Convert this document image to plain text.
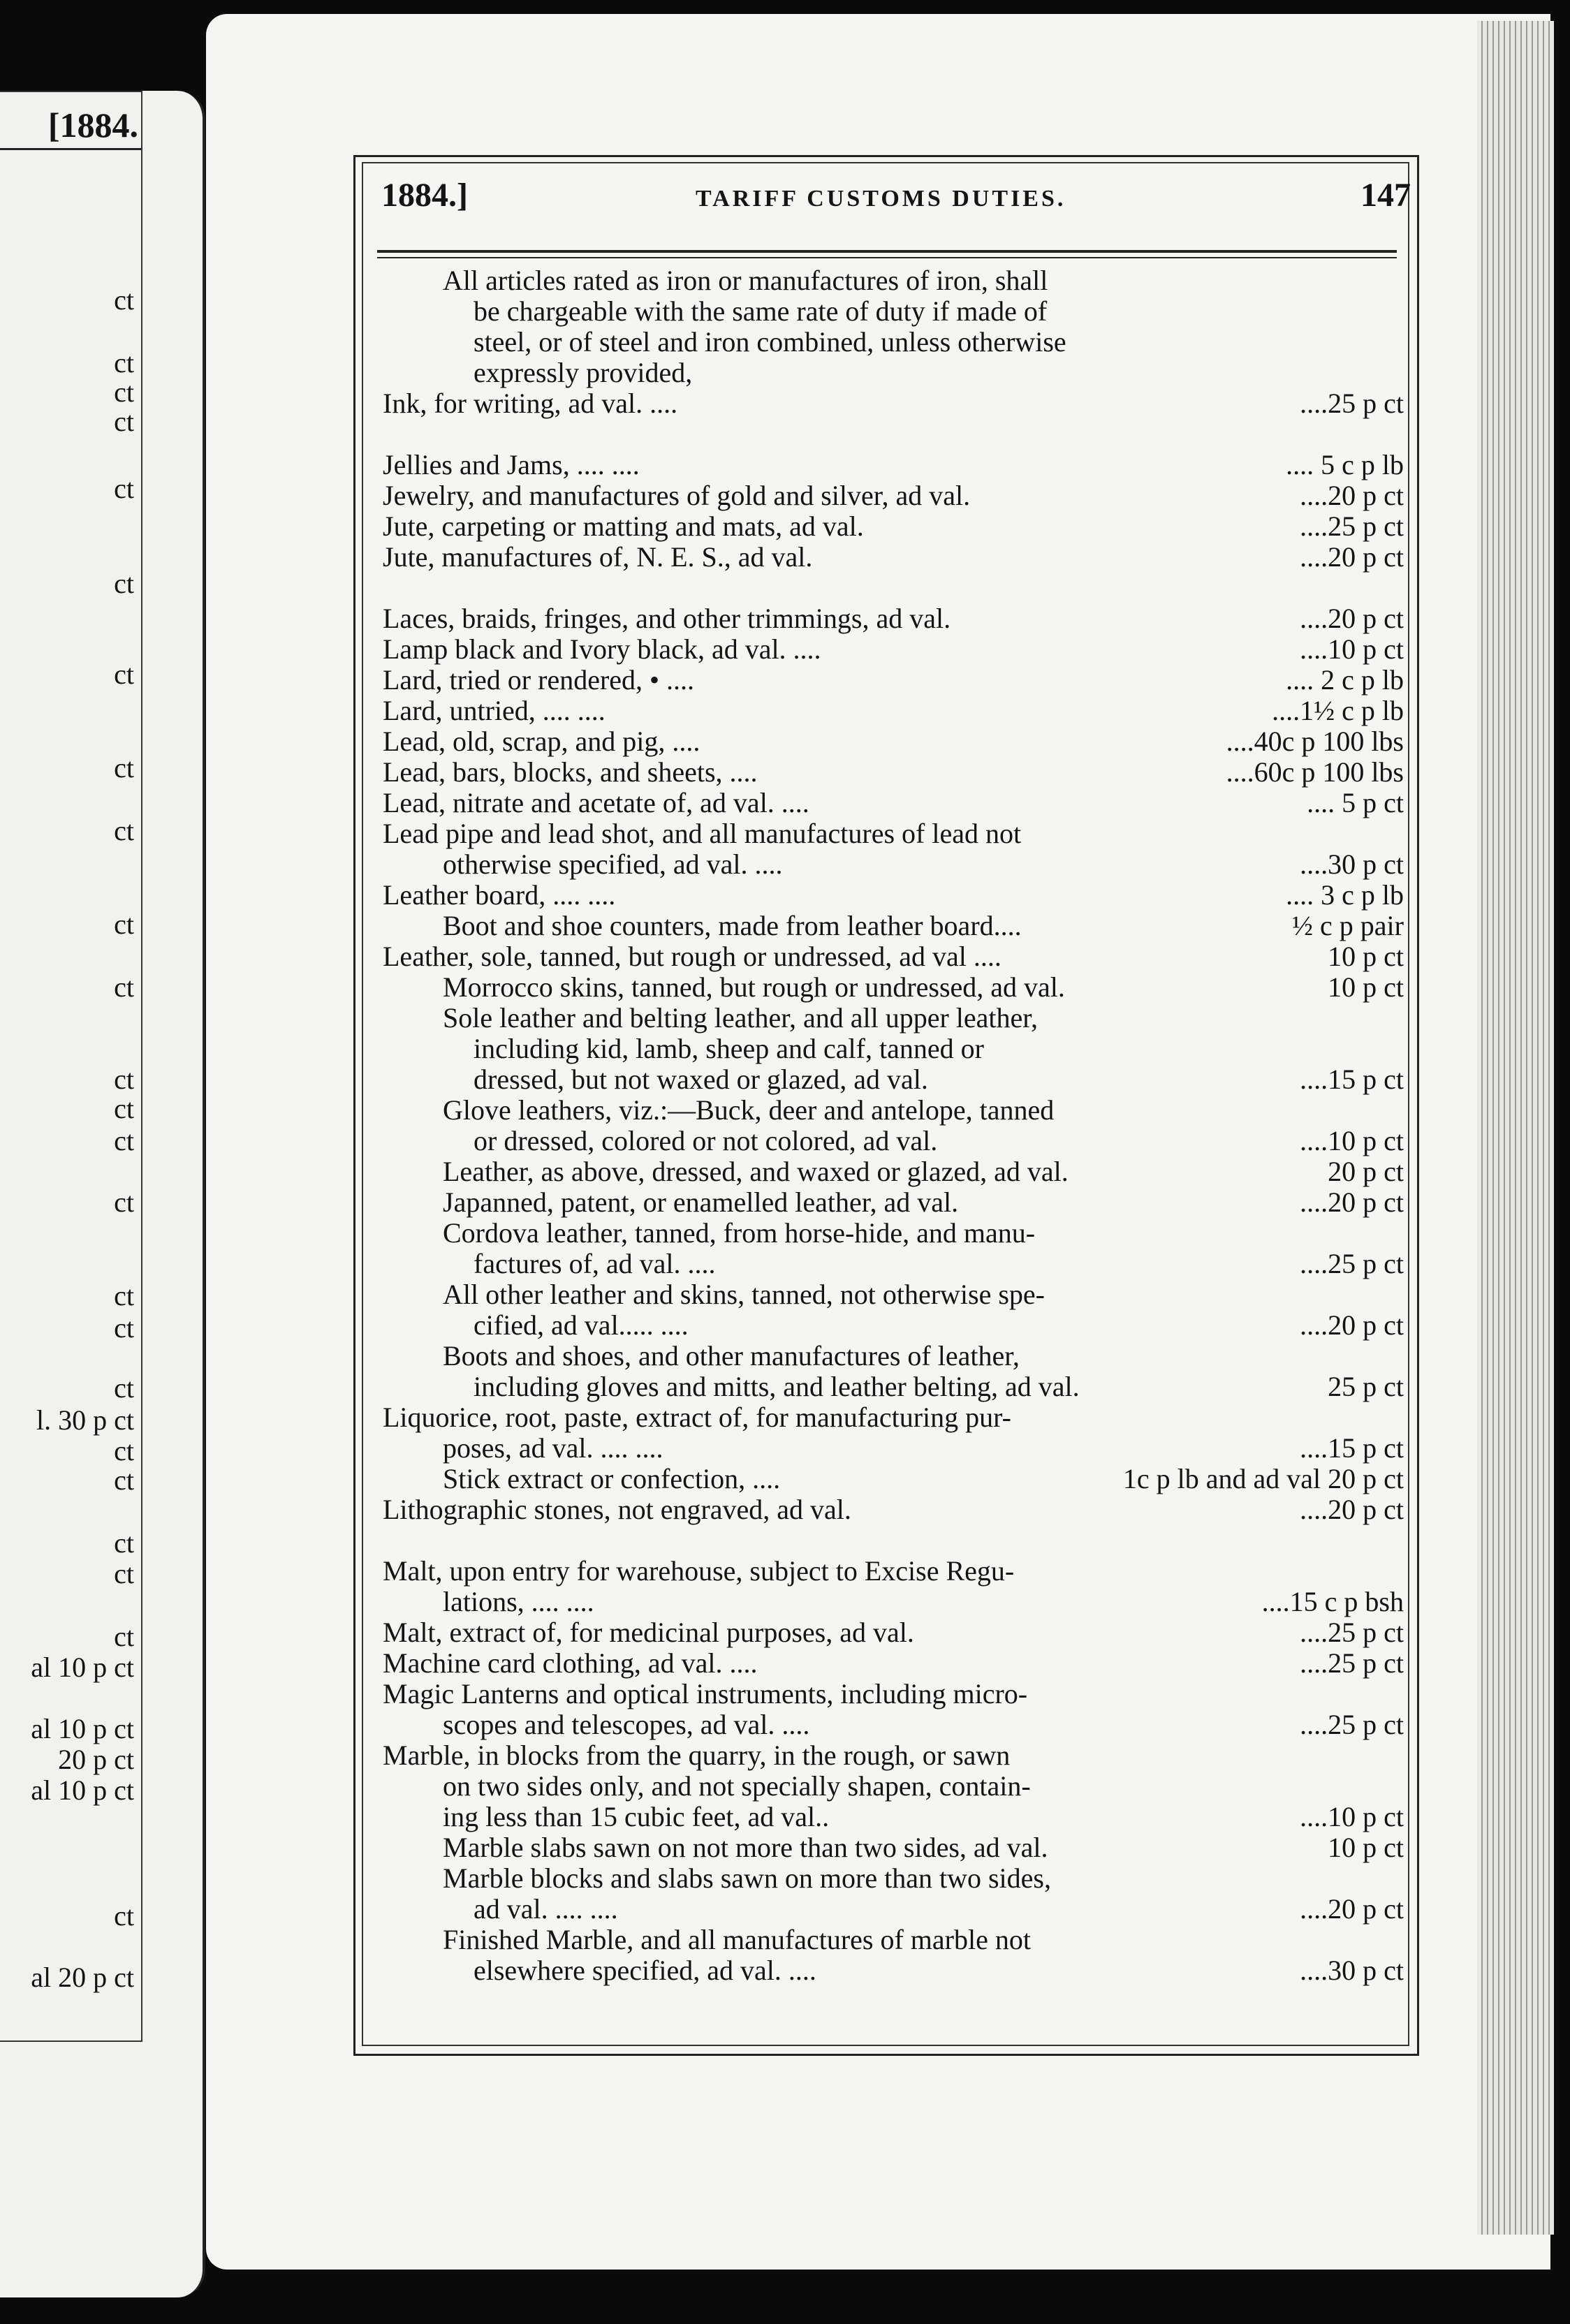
[1884.
ct
ct
ct
ct
ct
ct
ct
ct
ct
ct
ct
ct
ct
ct
ct
ct
ct
ct
l. 30 p ct
ct
ct
ct
ct
ct
al 10 p ct
al 10 p ct
20 p ct
al 10 p ct
ct
al 20 p ct
1884.]	TARIFF CUSTOMS DUTIES.	147
All articles rated as iron or manufactures of iron, shall
be chargeable with the same rate of duty if made of
steel, or of steel and iron combined, unless otherwise
expressly provided,
Ink, for writing, ad val. ....	....25 p ct
Jellies and Jams, .... ....	.... 5 c p lb
Jewelry, and manufactures of gold and silver, ad val.	....20 p ct
Jute, carpeting or matting and mats, ad val.	....25 p ct
Jute, manufactures of, N. E. S., ad val.	....20 p ct
Laces, braids, fringes, and other trimmings, ad val.	....20 p ct
Lamp black and Ivory black, ad val. ....	....10 p ct
Lard, tried or rendered, • ....	.... 2 c p lb
Lard, untried, .... ....	....1½ c p lb
Lead, old, scrap, and pig, ....	....40c p 100 lbs
Lead, bars, blocks, and sheets, ....	....60c p 100 lbs
Lead, nitrate and acetate of, ad val. ....	.... 5 p ct
Lead pipe and lead shot, and all manufactures of lead not
otherwise specified, ad val. ....	....30 p ct
Leather board, .... ....	.... 3 c p lb
Boot and shoe counters, made from leather board....	½ c p pair
Leather, sole, tanned, but rough or undressed, ad val ....	10 p ct
Morrocco skins, tanned, but rough or undressed, ad val.	10 p ct
Sole leather and belting leather, and all upper leather,
including kid, lamb, sheep and calf, tanned or
dressed, but not waxed or glazed, ad val.	....15 p ct
Glove leathers, viz.:—Buck, deer and antelope, tanned
or dressed, colored or not colored, ad val.	....10 p ct
Leather, as above, dressed, and waxed or glazed, ad val.	20 p ct
Japanned, patent, or enamelled leather, ad val.	....20 p ct
Cordova leather, tanned, from horse-hide, and manu-
factures of, ad val. ....	....25 p ct
All other leather and skins, tanned, not otherwise spe-
cified, ad val..... ....	....20 p ct
Boots and shoes, and other manufactures of leather,
including gloves and mitts, and leather belting, ad val.	25 p ct
Liquorice, root, paste, extract of, for manufacturing pur-
poses, ad val. .... ....	....15 p ct
Stick extract or confection, ....	1c p lb and ad val 20 p ct
Lithographic stones, not engraved, ad val.	....20 p ct
Malt, upon entry for warehouse, subject to Excise Regu-
lations, .... ....	....15 c p bsh
Malt, extract of, for medicinal purposes, ad val.	....25 p ct
Machine card clothing, ad val. ....	....25 p ct
Magic Lanterns and optical instruments, including micro-
scopes and telescopes, ad val. ....	....25 p ct
Marble, in blocks from the quarry, in the rough, or sawn
on two sides only, and not specially shapen, contain-
ing less than 15 cubic feet, ad val..	....10 p ct
Marble slabs sawn on not more than two sides, ad val.	10 p ct
Marble blocks and slabs sawn on more than two sides,
ad val. .... ....	....20 p ct
Finished Marble, and all manufactures of marble not
elsewhere specified, ad val. ....	....30 p ct
